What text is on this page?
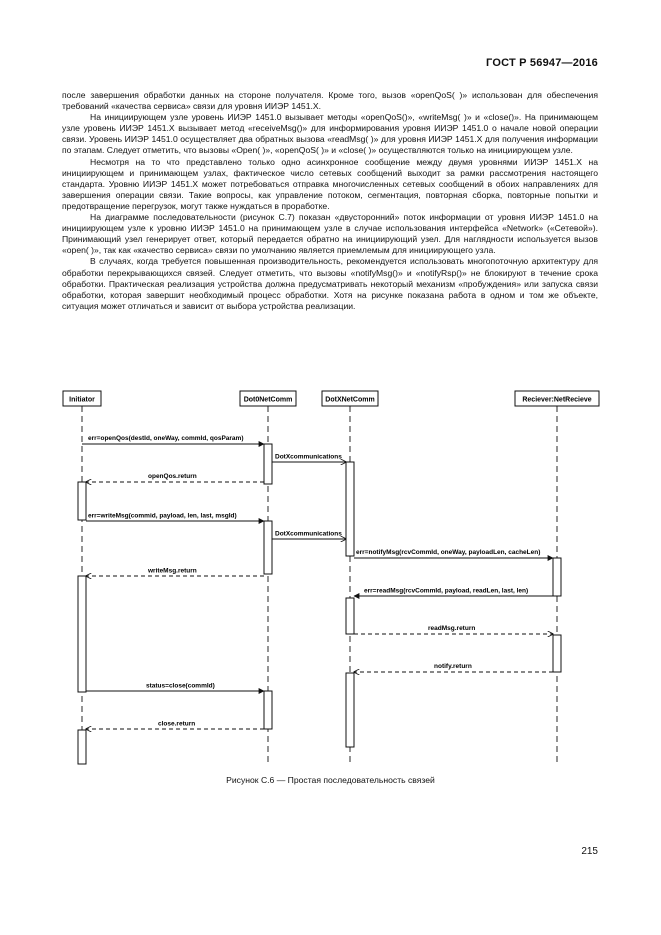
ГОСТ Р 56947—2016

после завершения обработки данных на стороне получателя. Кроме того, вызов «openQoS( )» использован для обеспечения требований «качества сервиса» связи для уровня ИИЭР 1451.X.

На инициирующем узле уровень ИИЭР 1451.0 вызывает методы «openQoS()», «writeMsg( )» и «close()». На принимающем узле уровень ИИЭР 1451.X вызывает метод «receiveMsg()» для информирования уровня ИИЭР 1451.0 о начале новой операции связи. Уровень ИИЭР 1451.0 осуществляет два обратных вызова «readMsg( )» для уровня ИИЭР 1451.X для получения информации по этапам. Следует отметить, что вызовы «Open( )», «openQoS( )» и «close( )» осуществляются только на инициирующем узле.

Несмотря на то что представлено только одно асинхронное сообщение между двумя уровнями ИИЭР 1451.X на инициирующем и принимающем узлах, фактическое число сетевых сообщений выходит за рамки рассмотрения настоящего стандарта. Уровню ИИЭР 1451.X может потребоваться отправка многочисленных сетевых сообщений в обоих направлениях для завершения операции связи. Такие вопросы, как управление потоком, сегментация, повторная сборка, повторные попытки и предотвращение перегрузок, могут также нуждаться в проработке.

На диаграмме последовательности (рисунок С.7) показан «двусторонний» поток информации от уровня ИИЭР 1451.0 на инициирующем узле к уровню ИИЭР 1451.0 на принимающем узле в случае использования интерфейса «Network» («Сетевой»). Принимающий узел генерирует ответ, который передается обратно на инициирующий узел. Для наглядности используется вызов «open( )», так как «качество сервиса» связи по умолчанию является приемлемым для инициирующего узла.

В случаях, когда требуется повышенная производительность, рекомендуется использовать многопоточную архитектуру для обработки перекрывающихся связей. Следует отметить, что вызовы «notifyMsg()» и «notifyRsp()» не блокируют в течение срока обработки. Практическая реализация устройства должна предусматривать некоторый механизм «пробуждения» или запуска связи обработки, которая завершит необходимый процесс обработки. Хотя на рисунке показана работа в одном и том же объекте, ситуация может отличаться и зависит от выбора устройства реализации.

Initiator	Dot0NetComm	DotXNetComm	Reciever:NetRecieve
err=openQos(destId, oneWay, commId, qosParam)
DotXcommunications
openQos.return
err=writeMsg(commid, payload, len, last, msgId)
DotXcommunications
err=notifyMsg(rcvCommId, oneWay, payloadLen, cacheLen)
writeMsg.return
err=readMsg(rcvCommId, payload, readLen, last, len)
readMsg.return
notify.return
status=close(commId)
close.return
Рисунок С.6 — Простая последовательность связей
215
